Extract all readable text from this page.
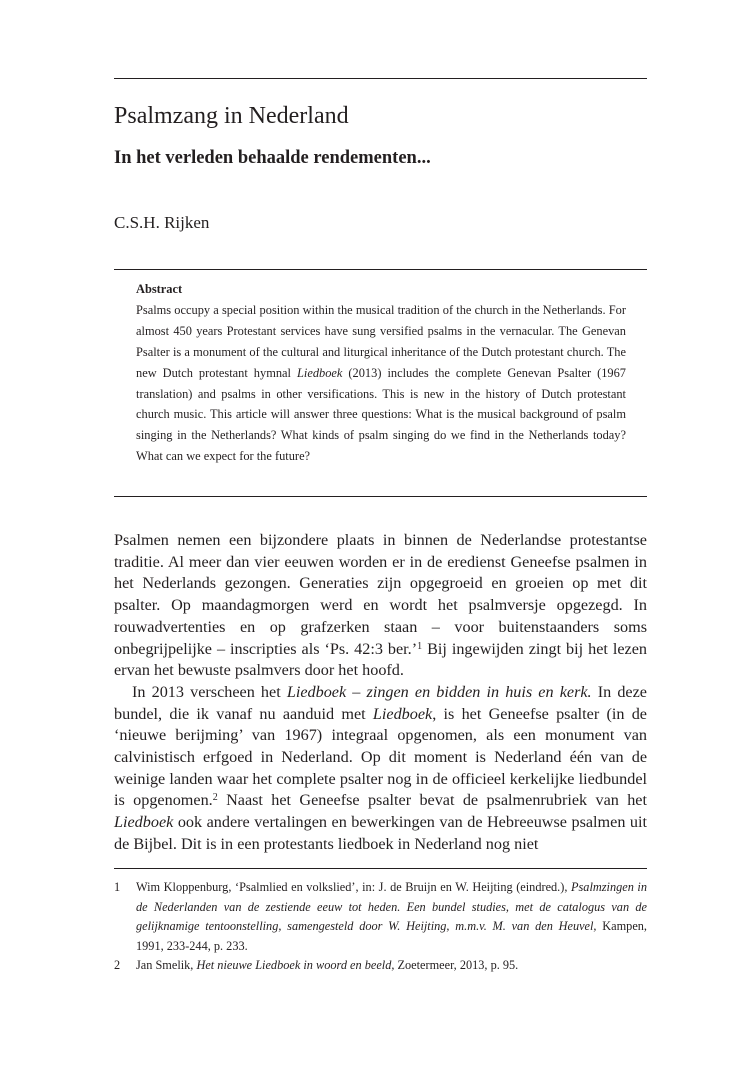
Psalmzang in Nederland
In het verleden behaalde rendementen...
C.S.H. Rijken
Abstract

Psalms occupy a special position within the musical tradition of the church in the Netherlands. For almost 450 years Protestant services have sung versified psalms in the vernacular. The Genevan Psalter is a monument of the cultural and liturgical inheritance of the Dutch protestant church. The new Dutch protestant hymnal Liedboek (2013) includes the complete Genevan Psalter (1967 translation) and psalms in other versifications. This is new in the history of Dutch protestant church music. This article will answer three questions: What is the musical background of psalm singing in the Netherlands? What kinds of psalm singing do we find in the Netherlands today? What can we expect for the future?

Psalmen nemen een bijzondere plaats in binnen de Nederlandse protestantse traditie. Al meer dan vier eeuwen worden er in de eredienst Geneefse psalmen in het Nederlands gezongen. Generaties zijn opgegroeid en groeien op met dit psalter. Op maandagmorgen werd en wordt het psalmversje opgezegd. In rouwadvertenties en op grafzerken staan – voor buitenstaanders soms onbegrijpelijke – inscripties als ‘Ps. 42:3 ber.’$^1$ Bij ingewijden zingt bij het lezen ervan het bewuste psalmvers door het hoofd.

In 2013 verscheen het Liedboek – zingen en bidden in huis en kerk. In deze bundel, die ik vanaf nu aanduid met Liedboek, is het Geneefse psalter (in de ‘nieuwe berijming’ van 1967) integraal opgenomen, als een monument van calvinistisch erfgoed in Nederland. Op dit moment is Nederland één van de weinige landen waar het complete psalter nog in de officieel kerkelijke liedbundel is opgenomen.$^2$ Naast het Geneefse psalter bevat de psalmenrubriek van het Liedboek ook andere vertalingen en bewerkingen van de Hebreeuwse psalmen uit de Bijbel. Dit is in een protestants liedboek in Nederland nog niet

1 Wim Kloppenburg, ‘Psalmlied en volkslied’, in: J. de Bruijn en W. Heijting (eindred.), Psalmzingen in de Nederlanden van de zestiende eeuw tot heden. Een bundel studies, met de catalogus van de gelijknamige tentoonstelling, samengesteld door W. Heijting, m.m.v. M. van den Heuvel, Kampen, 1991, 233-244, p. 233.

2 Jan Smelik, Het nieuwe Liedboek in woord en beeld, Zoetermeer, 2013, p. 95.
